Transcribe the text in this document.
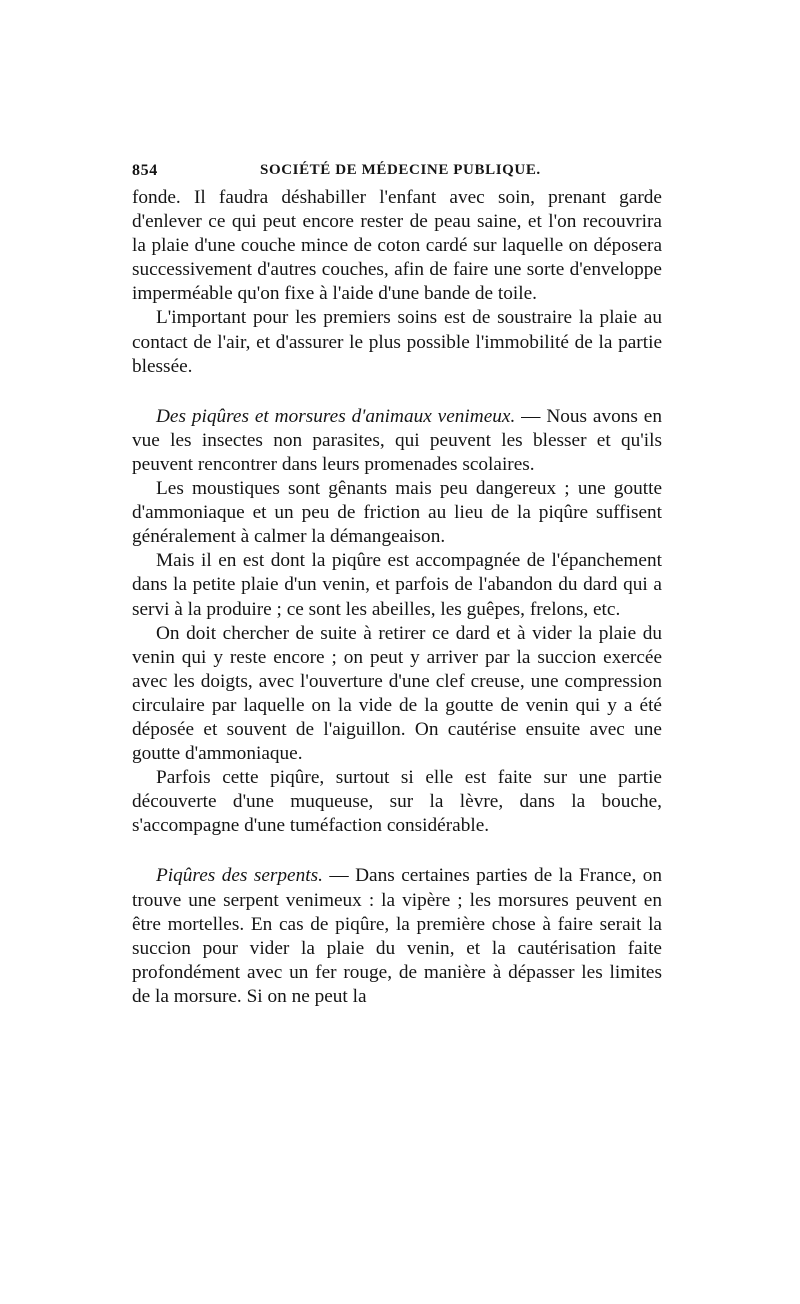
854	SOCIÉTÉ DE MÉDECINE PUBLIQUE.

fonde. Il faudra déshabiller l'enfant avec soin, prenant garde d'enlever ce qui peut encore rester de peau saine, et l'on recouvrira la plaie d'une couche mince de coton cardé sur laquelle on déposera successivement d'autres couches, afin de faire une sorte d'enveloppe imperméable qu'on fixe à l'aide d'une bande de toile.

L'important pour les premiers soins est de soustraire la plaie au contact de l'air, et d'assurer le plus possible l'immobilité de la partie blessée.

Des piqûres et morsures d'animaux venimeux. — Nous avons en vue les insectes non parasites, qui peuvent les blesser et qu'ils peuvent rencontrer dans leurs promenades scolaires.

Les moustiques sont gênants mais peu dangereux ; une goutte d'ammoniaque et un peu de friction au lieu de la piqûre suffisent généralement à calmer la démangeaison.

Mais il en est dont la piqûre est accompagnée de l'épanchement dans la petite plaie d'un venin, et parfois de l'abandon du dard qui a servi à la produire ; ce sont les abeilles, les guêpes, frelons, etc.

On doit chercher de suite à retirer ce dard et à vider la plaie du venin qui y reste encore ; on peut y arriver par la succion exercée avec les doigts, avec l'ouverture d'une clef creuse, une compression circulaire par laquelle on la vide de la goutte de venin qui y a été déposée et souvent de l'aiguillon. On cautérise ensuite avec une goutte d'ammoniaque.

Parfois cette piqûre, surtout si elle est faite sur une partie découverte d'une muqueuse, sur la lèvre, dans la bouche, s'accompagne d'une tuméfaction considérable.

Piqûres des serpents. — Dans certaines parties de la France, on trouve une serpent venimeux : la vipère ; les morsures peuvent en être mortelles. En cas de piqûre, la première chose à faire serait la succion pour vider la plaie du venin, et la cautérisation faite profondément avec un fer rouge, de manière à dépasser les limites de la morsure. Si on ne peut la
